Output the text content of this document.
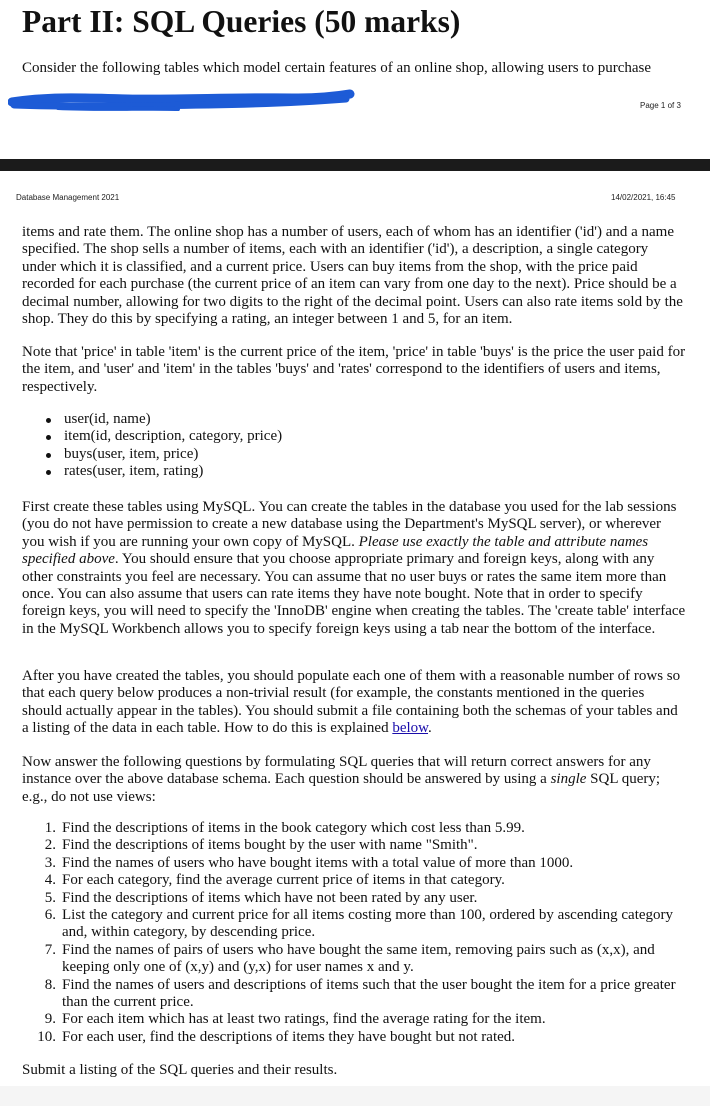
Part II: SQL Queries (50 marks)
Consider the following tables which model certain features of an online shop, allowing users to purchase
Page 1 of 3
Database Management 2021	14/02/2021, 16:45

items and rate them. The online shop has a number of users, each of whom has an identifier ('id') and a name specified. The shop sells a number of items, each with an identifier ('id'), a description, a single category under which it is classified, and a current price. Users can buy items from the shop, with the price paid recorded for each purchase (the current price of an item can vary from one day to the next). Price should be a decimal number, allowing for two digits to the right of the decimal point. Users can also rate items sold by the shop. They do this by specifying a rating, an integer between 1 and 5, for an item.

Note that 'price' in table 'item' is the current price of the item, 'price' in table 'buys' is the price the user paid for the item, and 'user' and 'item' in the tables 'buys' and 'rates' correspond to the identifiers of users and items, respectively.

user(id, name)
item(id, description, category, price)
buys(user, item, price)
rates(user, item, rating)

First create these tables using MySQL. You can create the tables in the database you used for the lab sessions (you do not have permission to create a new database using the Department's MySQL server), or wherever you wish if you are running your own copy of MySQL. Please use exactly the table and attribute names specified above. You should ensure that you choose appropriate primary and foreign keys, along with any other constraints you feel are necessary. You can assume that no user buys or rates the same item more than once. You can also assume that users can rate items they have note bought. Note that in order to specify foreign keys, you will need to specify the 'InnoDB' engine when creating the tables. The 'create table' interface in the MySQL Workbench allows you to specify foreign keys using a tab near the bottom of the interface.

After you have created the tables, you should populate each one of them with a reasonable number of rows so that each query below produces a non-trivial result (for example, the constants mentioned in the queries should actually appear in the tables). You should submit a file containing both the schemas of your tables and a listing of the data in each table. How to do this is explained below.

Now answer the following questions by formulating SQL queries that will return correct answers for any instance over the above database schema. Each question should be answered by using a single SQL query; e.g., do not use views:

1. Find the descriptions of items in the book category which cost less than 5.99.
2. Find the descriptions of items bought by the user with name "Smith".
3. Find the names of users who have bought items with a total value of more than 1000.
4. For each category, find the average current price of items in that category.
5. Find the descriptions of items which have not been rated by any user.
6. List the category and current price for all items costing more than 100, ordered by ascending category and, within category, by descending price.
7. Find the names of pairs of users who have bought the same item, removing pairs such as (x,x), and keeping only one of (x,y) and (y,x) for user names x and y.
8. Find the names of users and descriptions of items such that the user bought the item for a price greater than the current price.
9. For each item which has at least two ratings, find the average rating for the item.
10. For each user, find the descriptions of items they have bought but not rated.
Submit a listing of the SQL queries and their results.
